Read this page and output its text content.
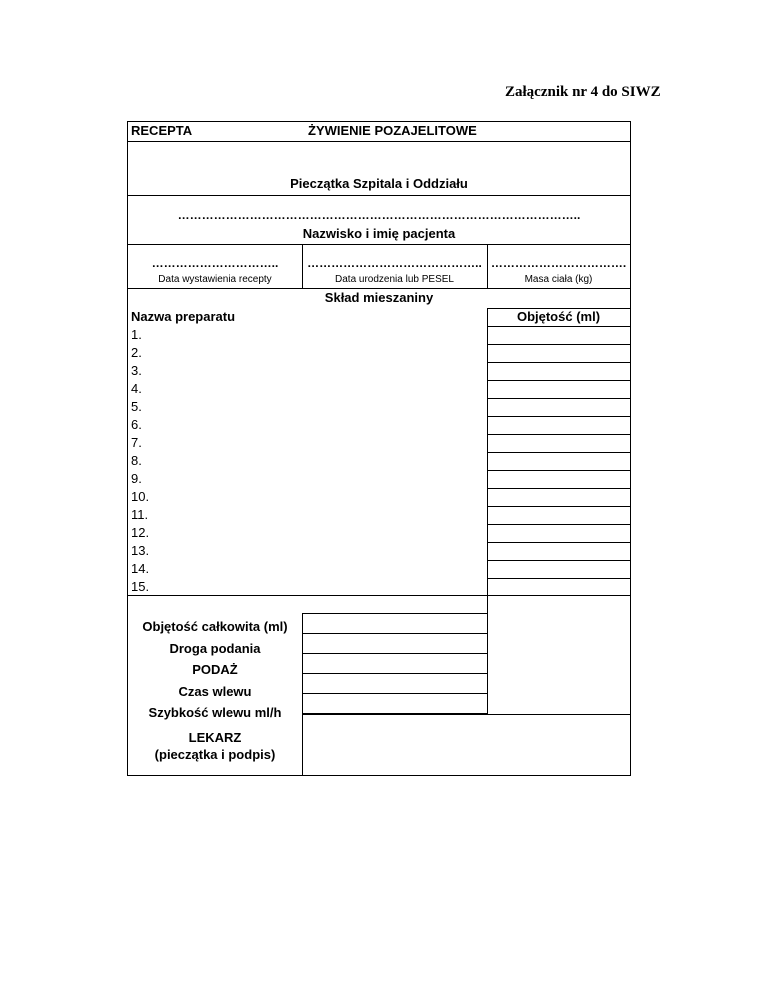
Załącznik nr 4 do SIWZ
RECEPTA	ŻYWIENIE POZAJELITOWE
Pieczątka Szpitala i Oddziału
………………………………………………………………………………………..
Nazwisko i imię pacjenta
…………………………..
Data wystawienia recepty
……………………………………..
Data urodzenia lub PESEL
…………………………….
Masa ciała (kg)
Skład mieszaniny
Nazwa preparatu	Objętość (ml)
1.
2.
3.
4.
5.
6.
7.
8.
9.
10.
11.
12.
13.
14.
15.
Objętość całkowita (ml)
Droga podania
PODAŻ
Czas wlewu
Szybkość wlewu ml/h
LEKARZ
(pieczątka i podpis)
